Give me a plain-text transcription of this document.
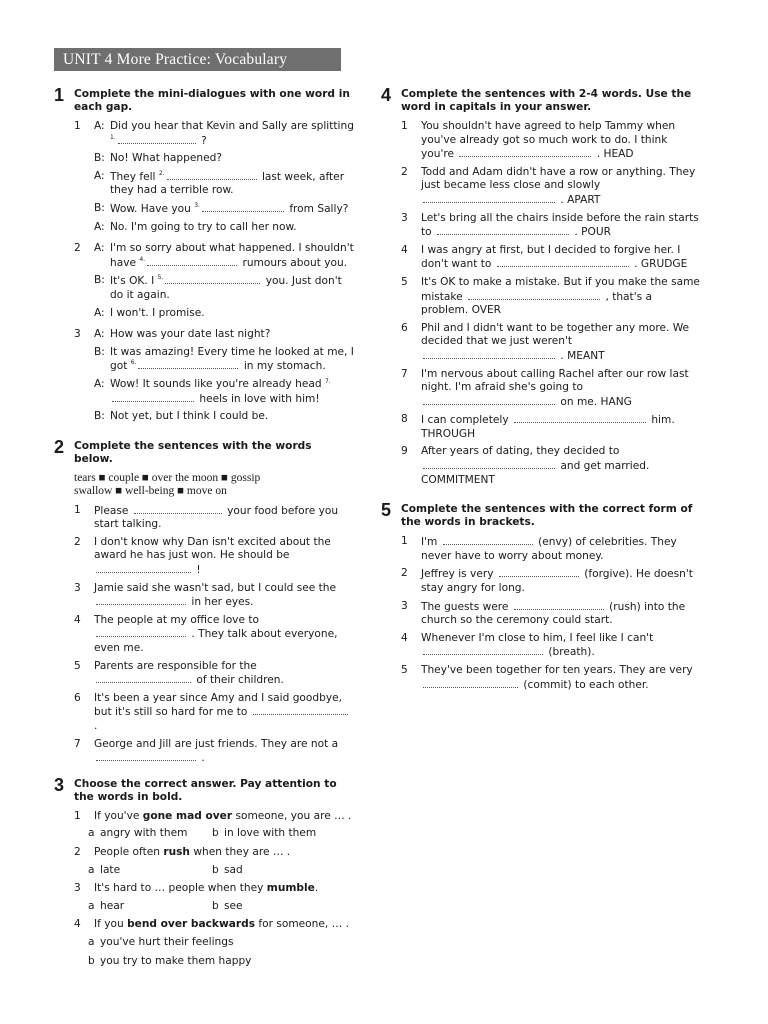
UNIT 4 More Practice: Vocabulary
1 Complete the mini-dialogues with one word in each gap.
1	A: Did you hear that Kevin and Sally are splitting $^{1.}$	?
B: No! What happened?
A: They fell $^{2.}$	last week, after they had a terrible row.
B: Wow. Have you $^{3.}$	from Sally?
A: No. I'm going to try to call her now.
2	A: I'm so sorry about what happened. I shouldn't have $^{4.}$	rumours about you.
B: It's OK. I $^{5.}$	you. Just don't do it again.
A: I won't. I promise.
3	A: How was your date last night?
B: It was amazing! Every time he looked at me, I got $^{6.}$	in my stomach.
A: Wow! It sounds like you're already head $^{7.}$ heels in love with him!
B: Not yet, but I think I could be.
2 Complete the sentences with the words below.
tears ■ couple ■ over the moon ■ gossip
swallow ■ well-being ■ move on
1	Please	your food before you start talking.
2	I don't know why Dan isn't excited about the award he has just won. He should be  !
3	Jamie said she wasn't sad, but I could see the  in her eyes.
4	The people at my office love to  . They talk about everyone, even me.
5	Parents are responsible for the  of their children.
6	It's been a year since Amy and I said goodbye, but it's still so hard for me to  .
7	George and Jill are just friends. They are not a  .
3 Choose the correct answer. Pay attention to the words in bold.
1	If you've gone mad over someone, you are … .
a angry with them b in love with them
2	People often rush when they are … .
a late	b sad
3	It's hard to … people when they mumble.
a hear	b see
4	If you bend over backwards for someone, … .
a you've hurt their feelings
b you try to make them happy
4 Complete the sentences with 2-4 words. Use the word in capitals in your answer.
1	You shouldn't have agreed to help Tammy when you've already got so much work to do. I think you're	. HEAD
2	Todd and Adam didn't have a row or anything. They just became less close and slowly  . APART
3	Let's bring all the chairs inside before the rain starts to	. POUR
4	I was angry at first, but I decided to forgive her. I don't want to	. GRUDGE
5	It's OK to make a mistake. But if you make the same mistake	, that's a problem. OVER
6	Phil and I didn't want to be together any more. We decided that we just weren't  . MEANT
7	I'm nervous about calling Rachel after our row last night. I'm afraid she's going to  on me. HANG
8	I can completely	him. THROUGH
9	After years of dating, they decided to  and get married. COMMITMENT
5 Complete the sentences with the correct form of the words in brackets.
1	I'm	(envy) of celebrities. They never have to worry about money.
2	Jeffrey is very	(forgive). He doesn't stay angry for long.
3	The guests were	(rush) into the church so the ceremony could start.
4	Whenever I'm close to him, I feel like I can't  (breath).
5	They've been together for ten years. They are very  (commit) to each other.
